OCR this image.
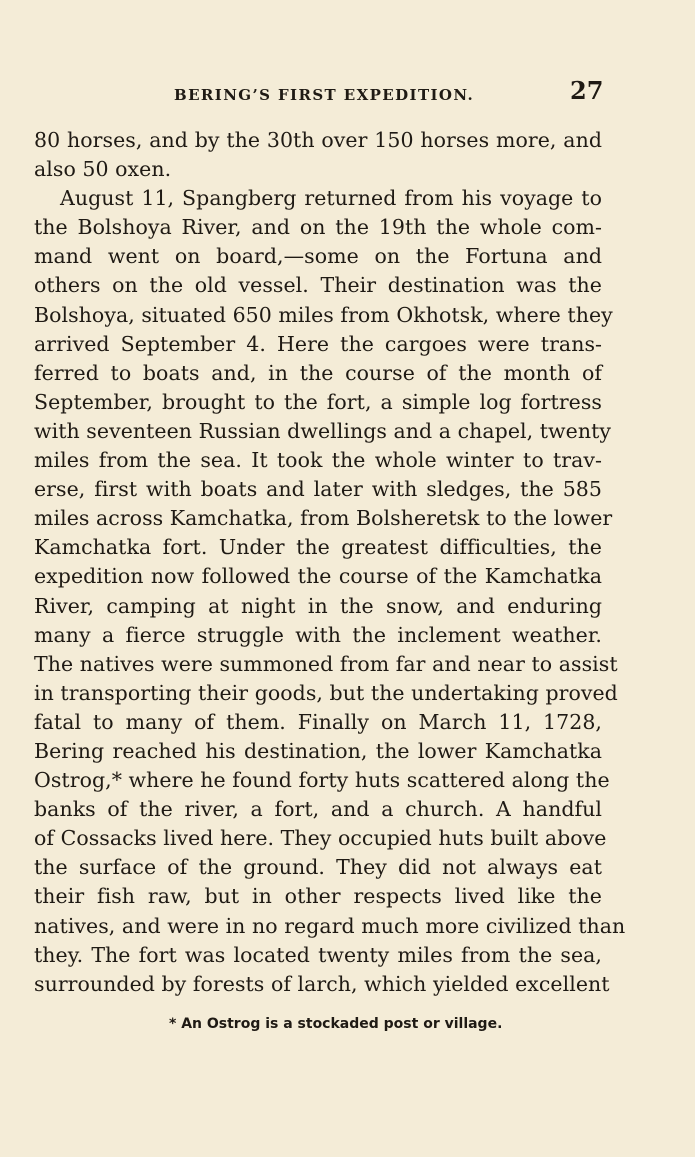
BERING’S FIRST EXPEDITION.	27
80 horses, and by the 30th over 150 horses more, and
also 50 oxen.
August 11, Spangberg returned from his voyage to
the Bolshoya River, and on the 19th the whole com-
mand went on board,—some on the Fortuna and
others on the old vessel. Their destination was the
Bolshoya, situated 650 miles from Okhotsk, where they
arrived September 4. Here the cargoes were trans-
ferred to boats and, in the course of the month of
September, brought to the fort, a simple log fortress
with seventeen Russian dwellings and a chapel, twenty
miles from the sea. It took the whole winter to trav-
erse, first with boats and later with sledges, the 585
miles across Kamchatka, from Bolsheretsk to the lower
Kamchatka fort. Under the greatest difficulties, the
expedition now followed the course of the Kamchatka
River, camping at night in the snow, and enduring
many a fierce struggle with the inclement weather.
The natives were summoned from far and near to assist
in transporting their goods, but the undertaking proved
fatal to many of them. Finally on March 11, 1728,
Bering reached his destination, the lower Kamchatka
Ostrog,* where he found forty huts scattered along the
banks of the river, a fort, and a church. A handful
of Cossacks lived here. They occupied huts built above
the surface of the ground. They did not always eat
their fish raw, but in other respects lived like the
natives, and were in no regard much more civilized than
they. The fort was located twenty miles from the sea,
surrounded by forests of larch, which yielded excellent
* An Ostrog is a stockaded post or village.
